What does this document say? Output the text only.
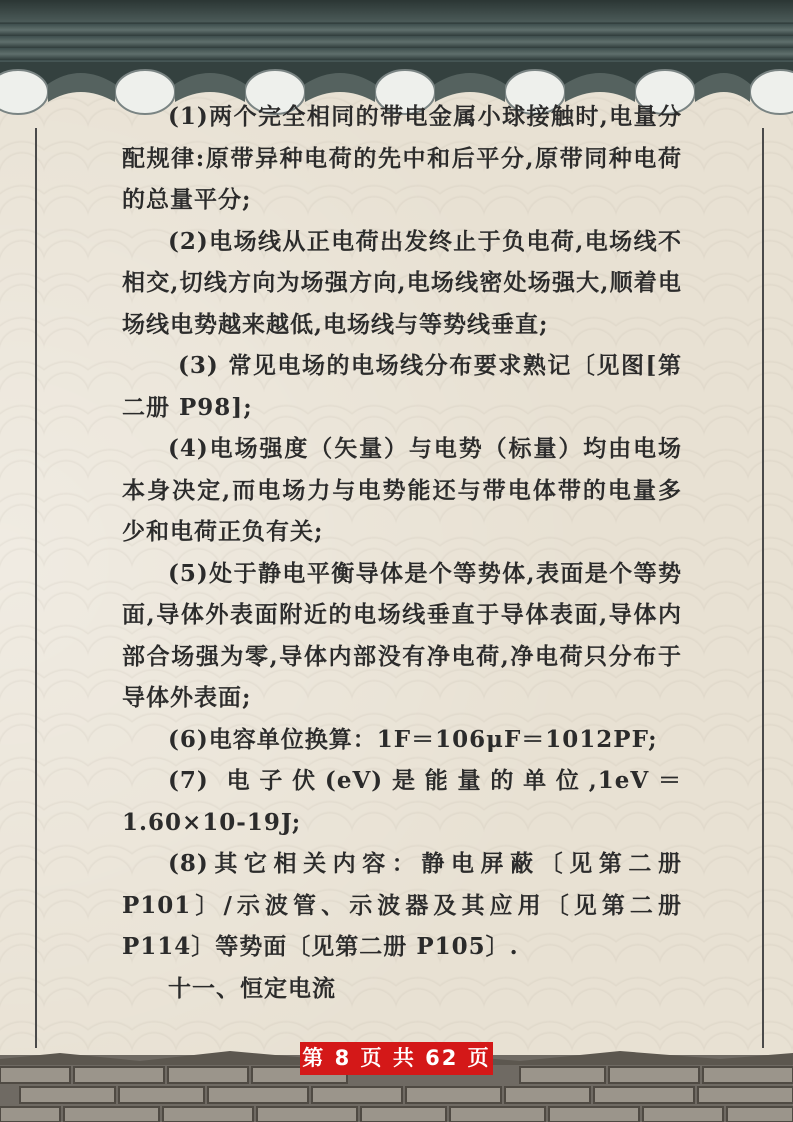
(1)两个完全相同的带电金属小球接触时,电量分配规律:原带异种电荷的先中和后平分,原带同种电荷的总量平分;

(2)电场线从正电荷出发终止于负电荷,电场线不相交,切线方向为场强方向,电场线密处场强大,顺着电场线电势越来越低,电场线与等势线垂直;

(3) 常见电场的电场线分布要求熟记〔见图[第二册 P98];

(4)电场强度（矢量）与电势（标量）均由电场本身决定,而电场力与电势能还与带电体带的电量多少和电荷正负有关;

(5)处于静电平衡导体是个等势体,表面是个等势面,导体外表面附近的电场线垂直于导体表面,导体内部合场强为零,导体内部没有净电荷,净电荷只分布于导体外表面;

(6)电容单位换算：1F＝106μF＝1012PF;

(7) 电子伏(eV)是能量的单位,1eV＝1.60×10-19J;

(8)其它相关内容：静电屏蔽〔见第二册 P101〕/示波管、示波器及其应用〔见第二册 P114〕等势面〔见第二册 P105〕.

十一、恒定电流

第 8 页 共 62 页
